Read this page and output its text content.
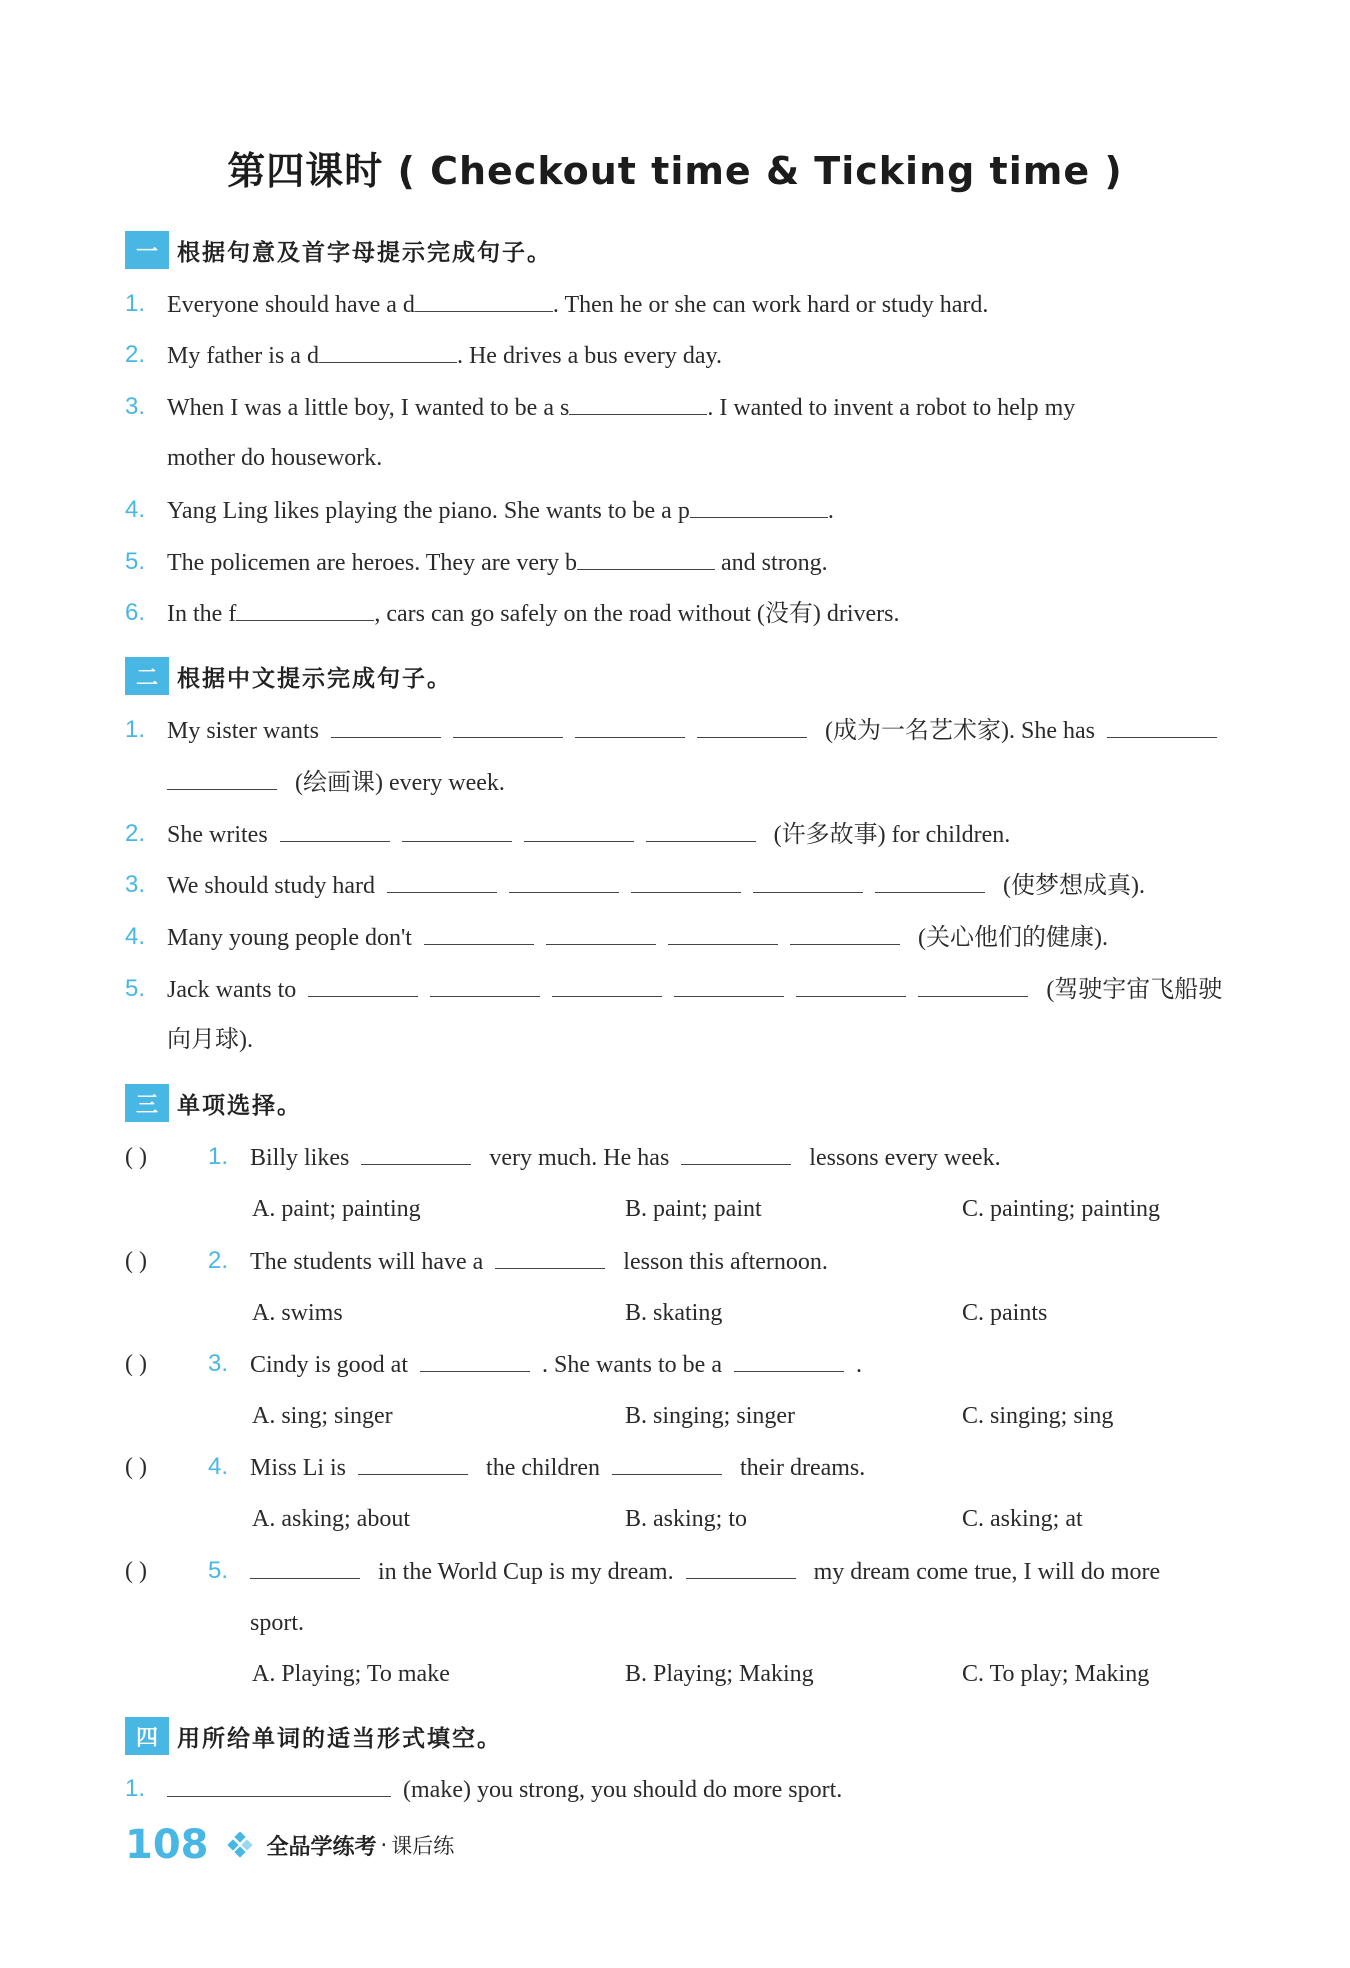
第四课时 ( Checkout time & Ticking time )
一 根据句意及首字母提示完成句子。
1. Everyone should have a d	. Then he or she can work hard or study hard.
2. My father is a d	. He drives a bus every day.
3. When I was a little boy, I wanted to be a s	. I wanted to invent a robot to help my
mother do housework.
4. Yang Ling likes playing the piano. She wants to be a p	.
5. The policemen are heroes. They are very b	and strong.
6. In the f	, cars can go safely on the road without (没有) drivers.
二 根据中文提示完成句子。
1. My sister wants	(成为一名艺术家). She has
(绘画课) every week.
2. She writes	(许多故事) for children.
3. We should study hard	(使梦想成真).
4. Many young people don't	(关心他们的健康).
5. Jack wants to	(驾驶宇宙飞船驶
向月球).
三 单项选择。
( )	1. Billy likes	very much. He has	lessons every week.
A. paint; painting	B. paint; paint	C. painting; painting
( )	2. The students will have a	lesson this afternoon.
A. swims	B. skating	C. paints
( )	3. Cindy is good at	. She wants to be a	.
A. sing; singer	B. singing; singer	C. singing; sing
( )	4. Miss Li is	the children	their dreams.
A. asking; about	B. asking; to	C. asking; at
( )	5.	in the World Cup is my dream.	my dream come true, I will do more
sport.
A. Playing; To make	B. Playing; Making	C. To play; Making
四 用所给单词的适当形式填空。
1.	(make) you strong, you should do more sport.
108	全品学练考 · 课后练
